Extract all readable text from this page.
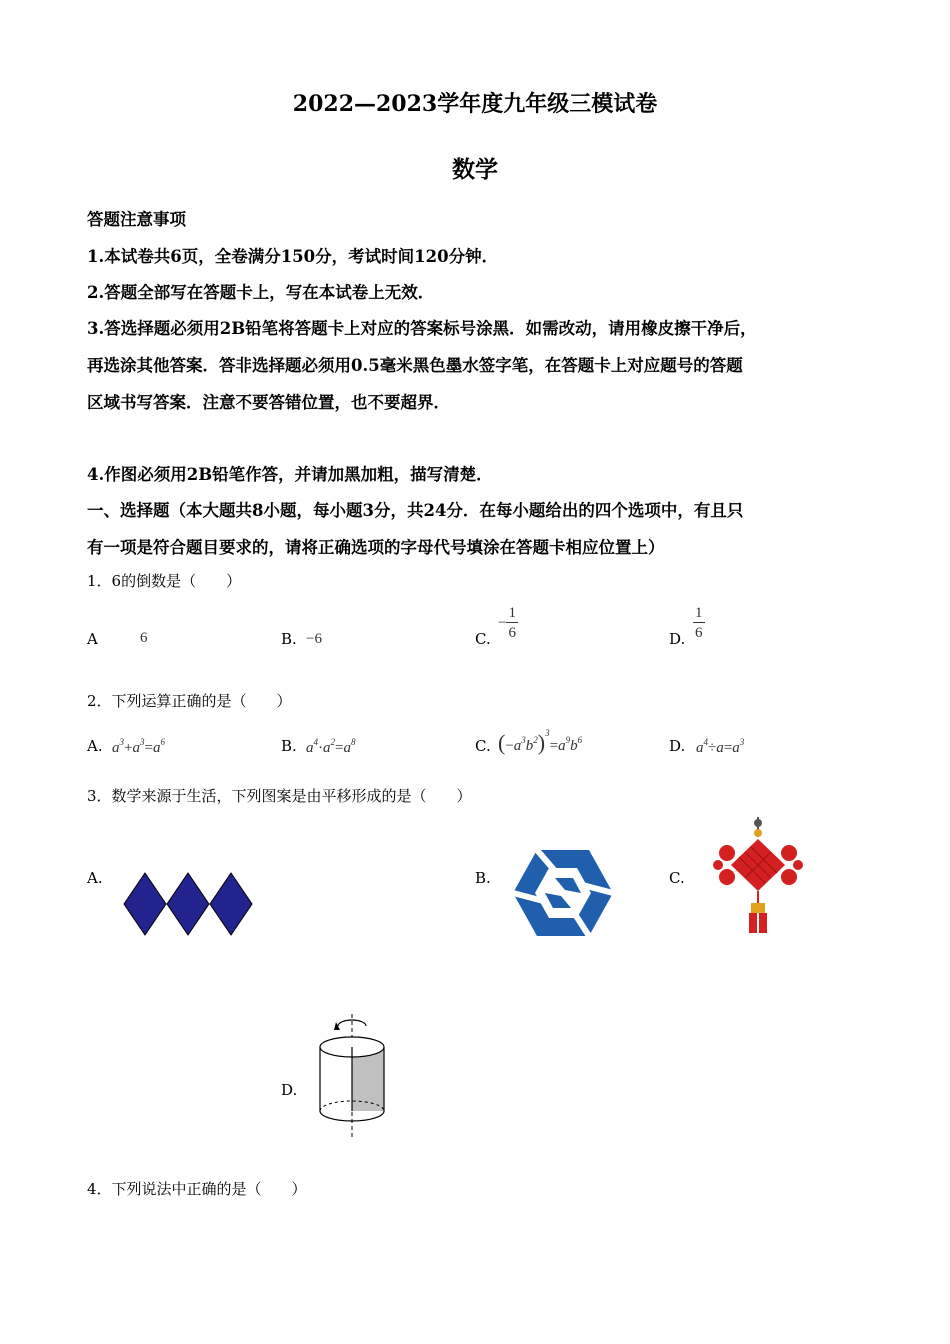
2022—2023学年度九年级三模试卷
数学
答题注意事项
1.本试卷共6页，全卷满分150分，考试时间120分钟．
2.答题全部写在答题卡上，写在本试卷上无效．
3.答选择题必须用2B铅笔将答题卡上对应的答案标号涂黑．如需改动，请用橡皮擦干净后，
再选涂其他答案．答非选择题必须用0.5毫米黑色墨水签字笔，在答题卡上对应题号的答题
区域书写答案．注意不要答错位置，也不要超界．
4.作图必须用2B铅笔作答，并请加黑加粗，描写清楚．
一、选择题（本大题共8小题，每小题3分，共24分．在每小题给出的四个选项中，有且只
有一项是符合题目要求的，请将正确选项的字母代号填涂在答题卡相应位置上）
1．6的倒数是（　　）
A	6	B. −6	C.
− $\frac{1}{6}$	D. $\frac{1}{6}$
2．下列运算正确的是（　　）
A. $a^3+a^3=a^6$	B. $a^4\cdot a^2=a^8$	C. $(-a^3b^2)^3=a^9b^6$	D. $a^4\div a=a^3$
3．数学来源于生活，下列图案是由平移形成的是（　　）
A.	B.	C.
D.
4．下列说法中正确的是（　　）
